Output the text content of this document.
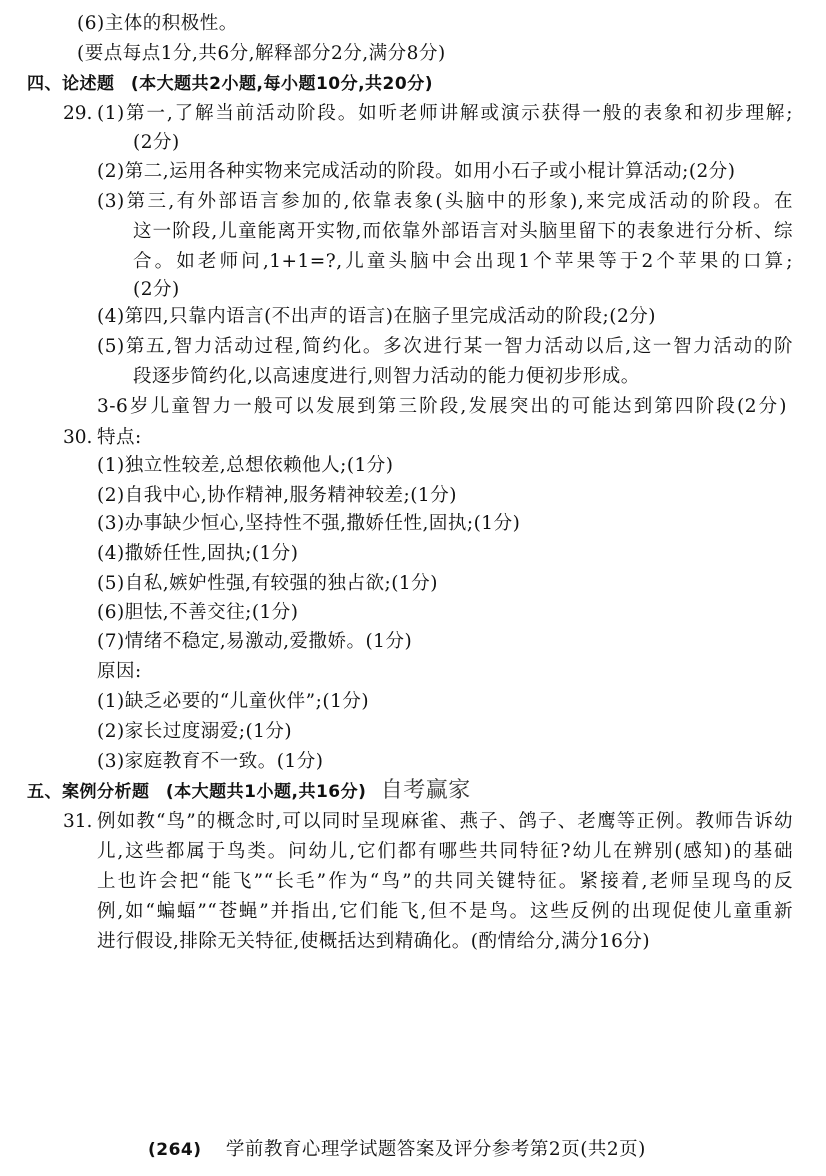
(6)主体的积极性。
(要点每点1分,共6分,解释部分2分,满分8分)
四、论述题 (本大题共2小题,每小题10分,共20分)
29. (1)第一,了解当前活动阶段。如听老师讲解或演示获得一般的表象和初步理解;
(2分)
(2)第二,运用各种实物来完成活动的阶段。如用小石子或小棍计算活动;(2分)
(3)第三,有外部语言参加的,依靠表象(头脑中的形象),来完成活动的阶段。在
这一阶段,儿童能离开实物,而依靠外部语言对头脑里留下的表象进行分析、综
合。如老师问,1+1=?,儿童头脑中会出现1个苹果等于2个苹果的口算;
(2分)
(4)第四,只靠内语言(不出声的语言)在脑子里完成活动的阶段;(2分)
(5)第五,智力活动过程,简约化。多次进行某一智力活动以后,这一智力活动的阶
段逐步简约化,以高速度进行,则智力活动的能力便初步形成。
3-6岁儿童智力一般可以发展到第三阶段,发展突出的可能达到第四阶段(2分)
30. 特点:
(1)独立性较差,总想依赖他人;(1分)
(2)自我中心,协作精神,服务精神较差;(1分)
(3)办事缺少恒心,坚持性不强,撒娇任性,固执;(1分)
(4)撒娇任性,固执;(1分)
(5)自私,嫉妒性强,有较强的独占欲;(1分)
(6)胆怯,不善交往;(1分)
(7)情绪不稳定,易激动,爱撒娇。(1分)
原因:
(1)缺乏必要的“儿童伙伴”;(1分)
(2)家长过度溺爱;(1分)
(3)家庭教育不一致。(1分)
五、案例分析题 (本大题共1小题,共16分) 自考赢家
31. 例如教“鸟”的概念时,可以同时呈现麻雀、燕子、鸽子、老鹰等正例。教师告诉幼
儿,这些都属于鸟类。问幼儿,它们都有哪些共同特征?幼儿在辨别(感知)的基础
上也许会把“能飞”“长毛”作为“鸟”的共同关键特征。紧接着,老师呈现鸟的反
例,如“蝙蝠”“苍蝇”并指出,它们能飞,但不是鸟。这些反例的出现促使儿童重新
进行假设,排除无关特征,使概括达到精确化。(酌情给分,满分16分)
(264) 学前教育心理学试题答案及评分参考第2页(共2页)
